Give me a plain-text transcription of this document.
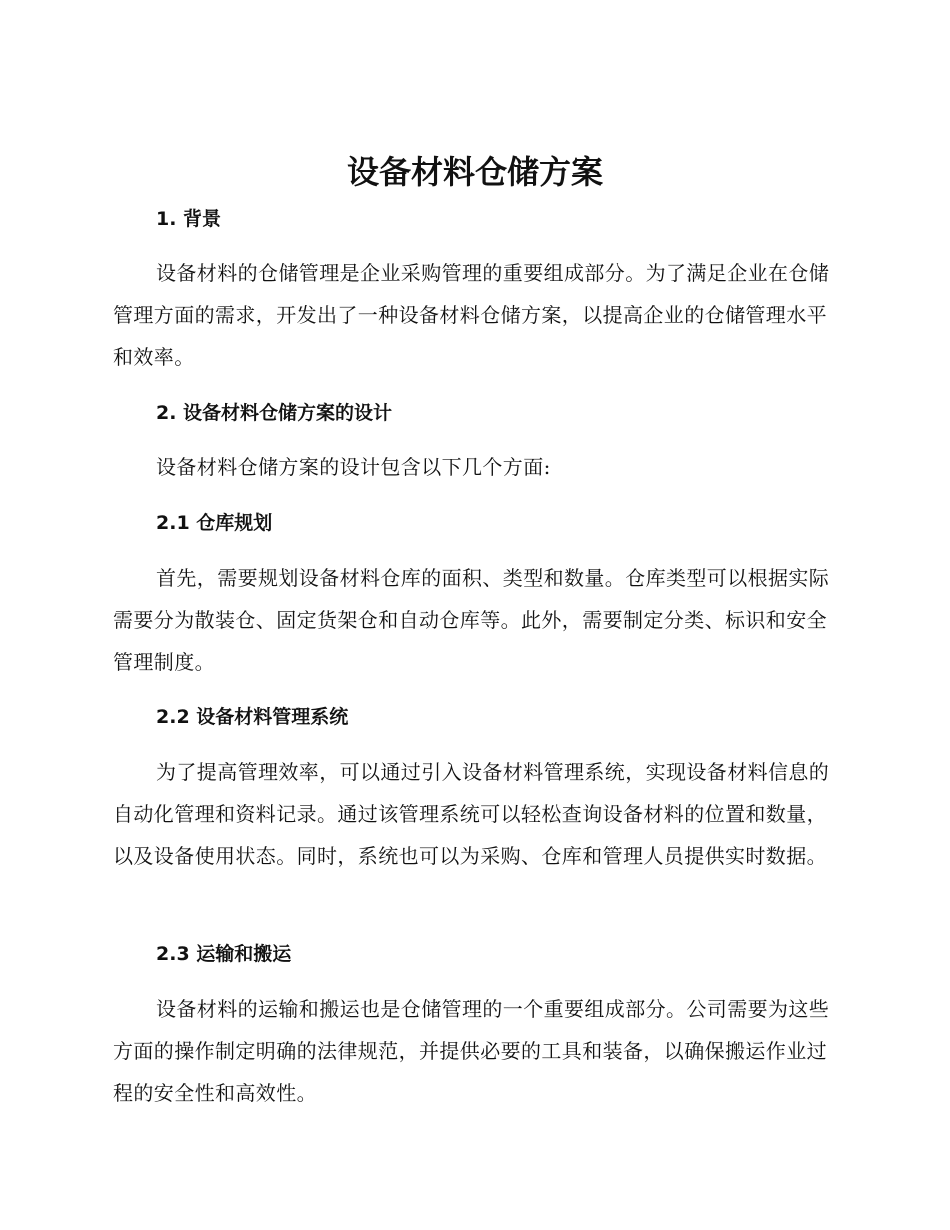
设备材料仓储方案
1. 背景

设备材料的仓储管理是企业采购管理的重要组成部分。为了满足企业在仓储管理方面的需求，开发出了一种设备材料仓储方案，以提高企业的仓储管理水平和效率。

2. 设备材料仓储方案的设计

设备材料仓储方案的设计包含以下几个方面:

2.1 仓库规划

首先，需要规划设备材料仓库的面积、类型和数量。仓库类型可以根据实际需要分为散装仓、固定货架仓和自动仓库等。此外，需要制定分类、标识和安全管理制度。

2.2 设备材料管理系统

为了提高管理效率，可以通过引入设备材料管理系统，实现设备材料信息的自动化管理和资料记录。通过该管理系统可以轻松查询设备材料的位置和数量，以及设备使用状态。同时，系统也可以为采购、仓库和管理人员提供实时数据。

2.3 运输和搬运

设备材料的运输和搬运也是仓储管理的一个重要组成部分。公司需要为这些方面的操作制定明确的法律规范，并提供必要的工具和装备，以确保搬运作业过程的安全性和高效性。
